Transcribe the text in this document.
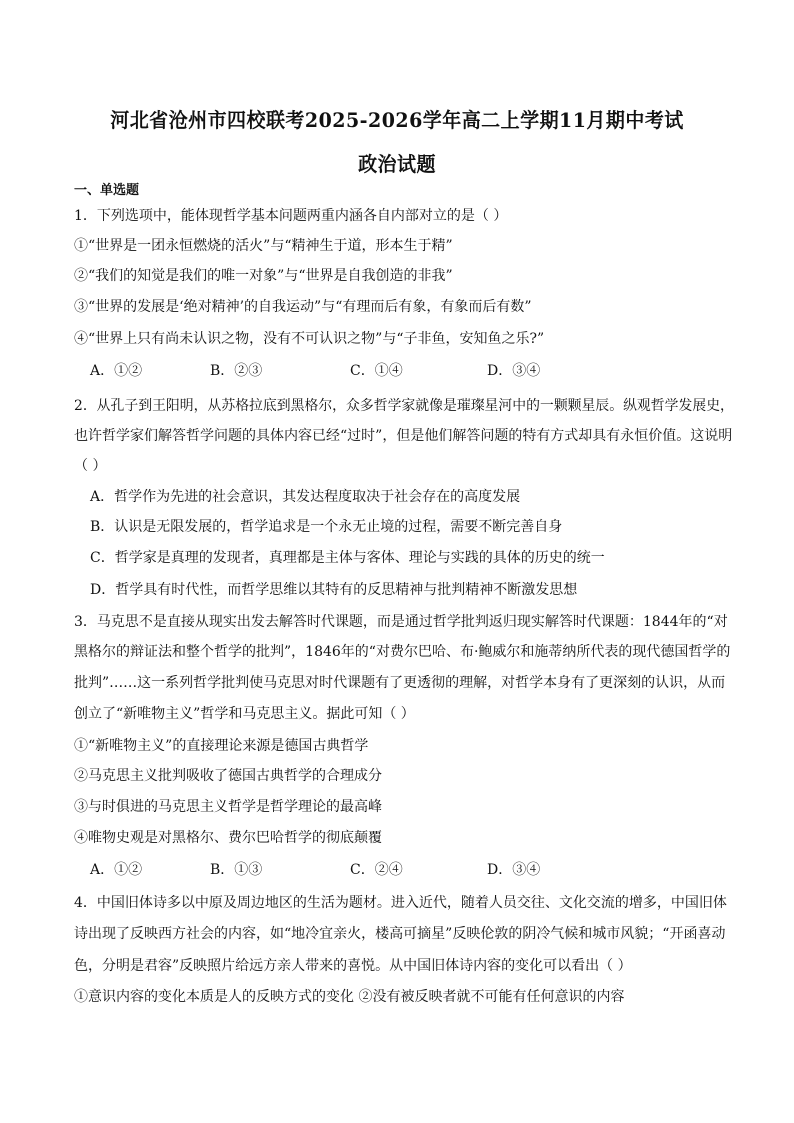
河北省沧州市四校联考2025-2026学年高二上学期11月期中考试
政治试题
一、单选题
1．下列选项中，能体现哲学基本问题两重内涵各自内部对立的是（ ）
①“世界是一团永恒燃烧的活火”与“精神生于道，形本生于精”
②“我们的知觉是我们的唯一对象”与“世界是自我创造的非我”
③“世界的发展是‘绝对精神’的自我运动”与“有理而后有象，有象而后有数”
④“世界上只有尚未认识之物，没有不可认识之物”与“子非鱼，安知鱼之乐?”
A．①②	B．②③	C．①④	D．③④
2．从孔子到王阳明，从苏格拉底到黑格尔，众多哲学家就像是璀璨星河中的一颗颗星辰。纵观哲学发展史，
也许哲学家们解答哲学问题的具体内容已经“过时”，但是他们解答问题的特有方式却具有永恒价值。这说明
（ ）
A．哲学作为先进的社会意识，其发达程度取决于社会存在的高度发展
B．认识是无限发展的，哲学追求是一个永无止境的过程，需要不断完善自身
C．哲学家是真理的发现者，真理都是主体与客体、理论与实践的具体的历史的统一
D．哲学具有时代性，而哲学思维以其特有的反思精神与批判精神不断激发思想
3．马克思不是直接从现实出发去解答时代课题，而是通过哲学批判返归现实解答时代课题：1844年的“对
黑格尔的辩证法和整个哲学的批判”，1846年的“对费尔巴哈、布·鲍威尔和施蒂纳所代表的现代德国哲学的
批判”……这一系列哲学批判使马克思对时代课题有了更透彻的理解，对哲学本身有了更深刻的认识，从而
创立了“新唯物主义”哲学和马克思主义。据此可知（ ）
①“新唯物主义”的直接理论来源是德国古典哲学
②马克思主义批判吸收了德国古典哲学的合理成分
③与时俱进的马克思主义哲学是哲学理论的最高峰
④唯物史观是对黑格尔、费尔巴哈哲学的彻底颠覆
A．①②	B．①③	C．②④	D．③④
4．中国旧体诗多以中原及周边地区的生活为题材。进入近代，随着人员交往、文化交流的增多，中国旧体
诗出现了反映西方社会的内容，如“地冷宜亲火，楼高可摘星”反映伦敦的阴冷气候和城市风貌；“开函喜动
色，分明是君容”反映照片给远方亲人带来的喜悦。从中国旧体诗内容的变化可以看出（ ）
①意识内容的变化本质是人的反映方式的变化 ②没有被反映者就不可能有任何意识的内容
